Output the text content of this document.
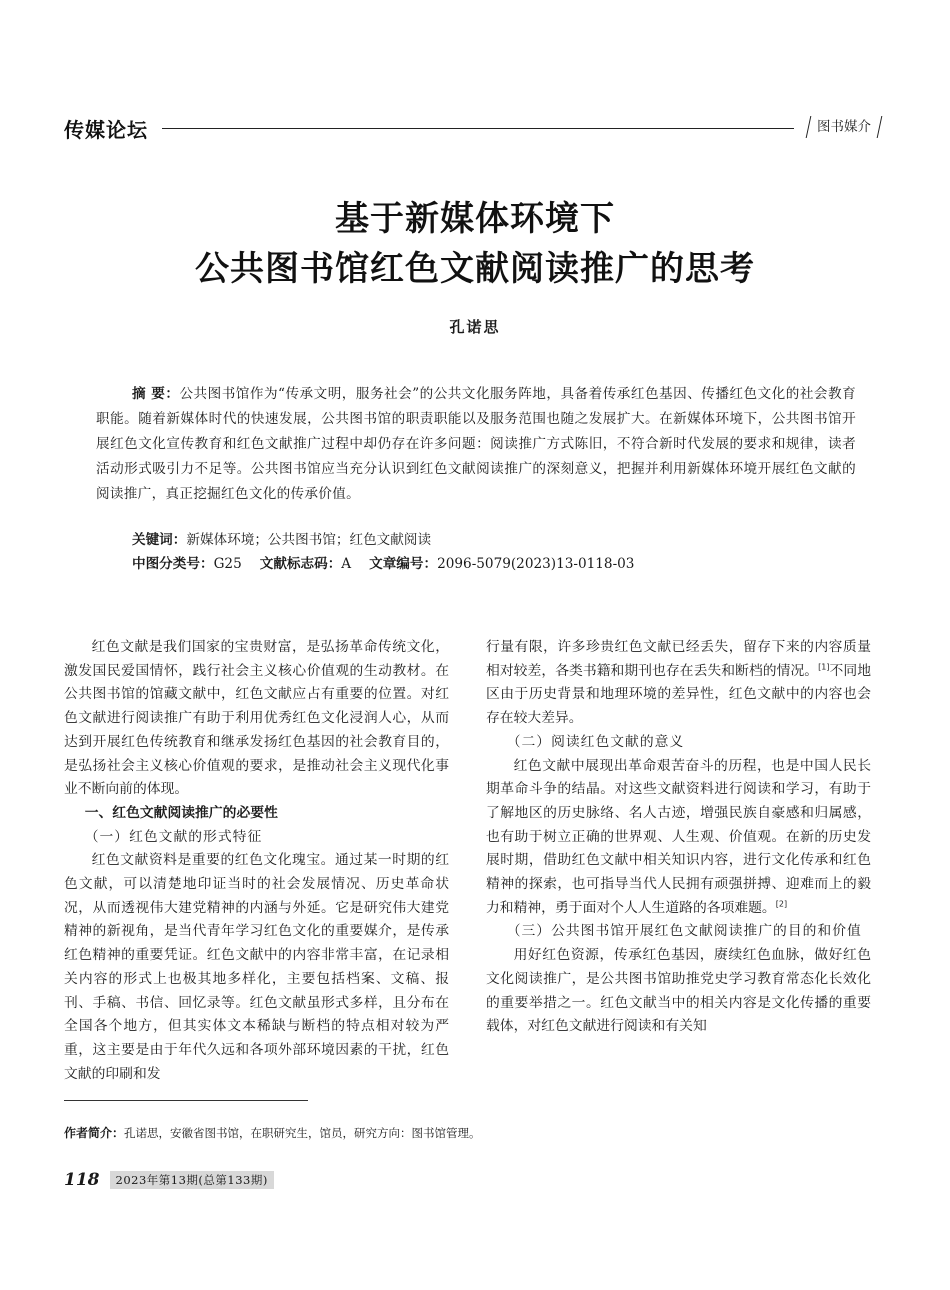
传媒论坛	图书媒介
基于新媒体环境下
公共图书馆红色文献阅读推广的思考
孔诺思
摘 要：公共图书馆作为“传承文明，服务社会”的公共文化服务阵地，具备着传承红色基因、传播红色文化的社会教育职能。随着新媒体时代的快速发展，公共图书馆的职责职能以及服务范围也随之发展扩大。在新媒体环境下，公共图书馆开展红色文化宣传教育和红色文献推广过程中却仍存在许多问题：阅读推广方式陈旧，不符合新时代发展的要求和规律，读者活动形式吸引力不足等。公共图书馆应当充分认识到红色文献阅读推广的深刻意义，把握并利用新媒体环境开展红色文献的阅读推广，真正挖掘红色文化的传承价值。
关键词：新媒体环境；公共图书馆；红色文献阅读
中图分类号：G25 文献标志码：A 文章编号：2096-5079(2023)13-0118-03

红色文献是我们国家的宝贵财富，是弘扬革命传统文化，激发国民爱国情怀，践行社会主义核心价值观的生动教材。在公共图书馆的馆藏文献中，红色文献应占有重要的位置。对红色文献进行阅读推广有助于利用优秀红色文化浸润人心，从而达到开展红色传统教育和继承发扬红色基因的社会教育目的，是弘扬社会主义核心价值观的要求，是推动社会主义现代化事业不断向前的体现。

一、红色文献阅读推广的必要性

（一）红色文献的形式特征

红色文献资料是重要的红色文化瑰宝。通过某一时期的红色文献，可以清楚地印证当时的社会发展情况、历史革命状况，从而透视伟大建党精神的内涵与外延。它是研究伟大建党精神的新视角，是当代青年学习红色文化的重要媒介，是传承红色精神的重要凭证。红色文献中的内容非常丰富，在记录相关内容的形式上也极其地多样化，主要包括档案、文稿、报刊、手稿、书信、回忆录等。红色文献虽形式多样，且分布在全国各个地方，但其实体文本稀缺与断档的特点相对较为严重，这主要是由于年代久远和各项外部环境因素的干扰，红色文献的印刷和发

行量有限，许多珍贵红色文献已经丢失，留存下来的内容质量相对较差，各类书籍和期刊也存在丢失和断档的情况。[1]不同地区由于历史背景和地理环境的差异性，红色文献中的内容也会存在较大差异。

（二）阅读红色文献的意义

红色文献中展现出革命艰苦奋斗的历程，也是中国人民长期革命斗争的结晶。对这些文献资料进行阅读和学习，有助于了解地区的历史脉络、名人古迹，增强民族自豪感和归属感，也有助于树立正确的世界观、人生观、价值观。在新的历史发展时期，借助红色文献中相关知识内容，进行文化传承和红色精神的探索，也可指导当代人民拥有顽强拼搏、迎难而上的毅力和精神，勇于面对个人人生道路的各项难题。[2]

（三）公共图书馆开展红色文献阅读推广的目的和价值

用好红色资源，传承红色基因，赓续红色血脉，做好红色文化阅读推广，是公共图书馆助推党史学习教育常态化长效化的重要举措之一。红色文献当中的相关内容是文化传播的重要载体，对红色文献进行阅读和有关知

作者简介：孔诺思，安徽省图书馆，在职研究生，馆员，研究方向：图书馆管理。
118	2023年第13期(总第133期)
